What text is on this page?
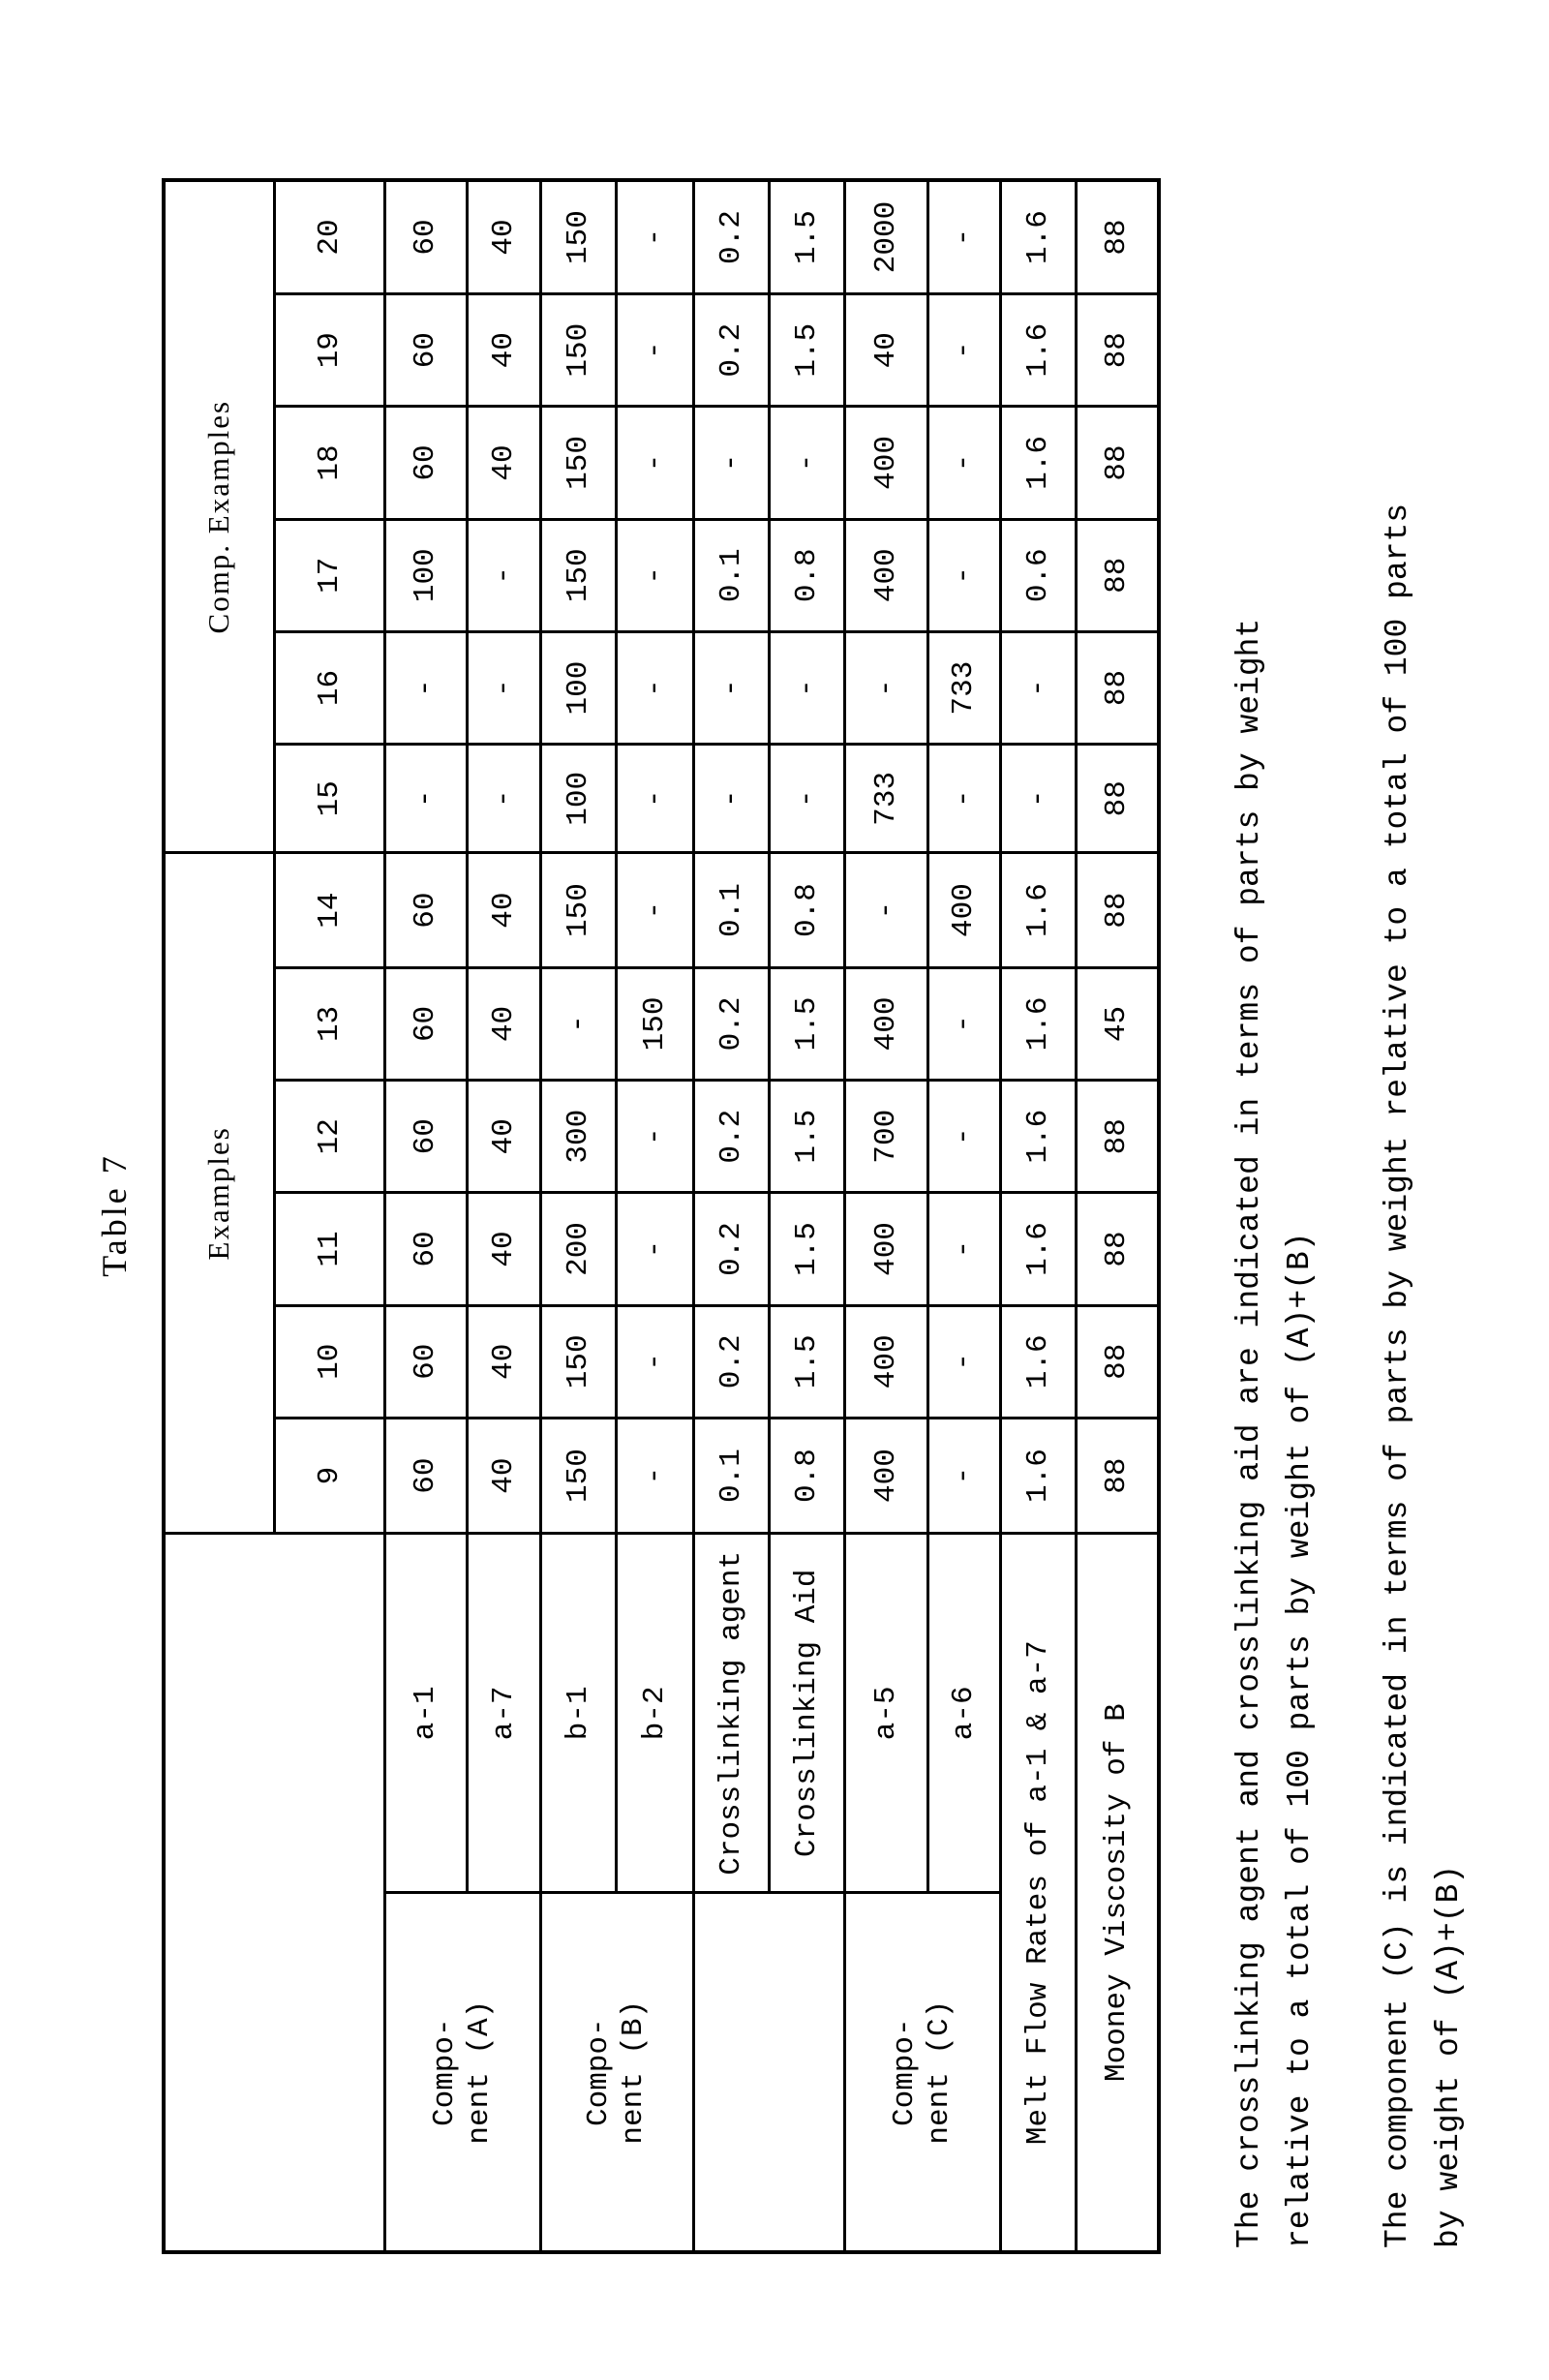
Table 7
		Examples						Comp. Examples					
		9	10	11	12	13	14	15	16	17	18	19	20
Compo-
nent (A)	a-1	60	60	60	60	60	60	-	-	100	60	60	60
	a-7	40	40	40	40	40	40	-	-	-	40	40	40
Compo-
nent (B)	b-1	150	150	200	300	-	150	100	100	150	150	150	150
	b-2	-	-	-	-	150	-	-	-	-	-	-	-
	Crosslinking agent	0.1	0.2	0.2	0.2	0.2	0.1	-	-	0.1	-	0.2	0.2
	Crosslinking Aid	0.8	1.5	1.5	1.5	1.5	0.8	-	-	0.8	-	1.5	1.5
Compo-
nent (C)	a-5	400	400	400	700	400	-	733	-	400	400	40	2000
	a-6	-	-	-	-	-	400	-	733	-	-	-	-
Melt Flow Rates of a-1 & a-7		1.6	1.6	1.6	1.6	1.6	1.6	-	-	0.6	1.6	1.6	1.6
Mooney Viscosity of B		88	88	88	88	45	88	88	88	88	88	88	88
The crosslinking agent and crosslinking aid are indicated in terms of parts by weight relative to a total of 100 parts by weight of (A)+(B) The component (C) is indicated in terms of parts by weight relative to a total of 100 parts by weight of (A)+(B)
